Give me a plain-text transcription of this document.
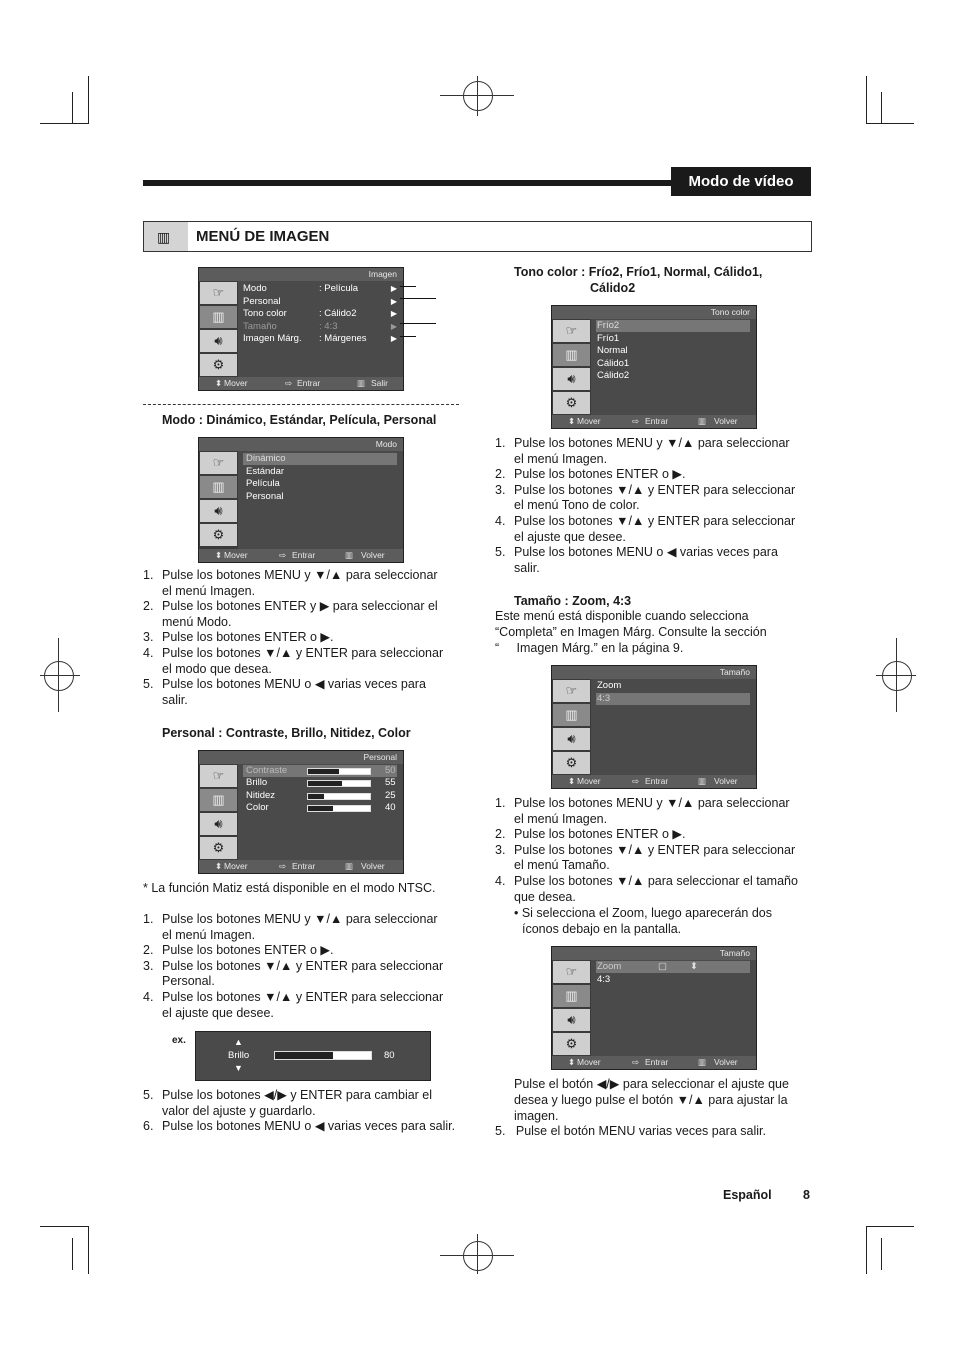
Modo de vídeo
▥ MENÚ DE IMAGEN
Imagen
☞
▥
🔊︎
⚙
Modo	: Película	▶
Personal	▶
Tono color	: Cálido2	▶
Tamaño	: 4:3	▶
Imagen Márg. : Márgenes	▶
⬍ Mover	⇨ Entrar	▥ Salir
Modo : Dinámico, Estándar, Película, Personal
Modo
☞
▥
🔊︎
⚙
Dinámico
Estándar
Película
Personal
⬍ Mover	⇨ Entrar	▥ Volver
1. Pulse los botones MENU y ▼/▲ para seleccionar
el menú Imagen.
2. Pulse los botones ENTER y ▶ para seleccionar el
menú Modo.
3. Pulse los botones ENTER o ▶.
4. Pulse los botones ▼/▲ y ENTER para seleccionar
el modo que desea.
5. Pulse los botones MENU o ◀ varias veces para
salir.
Personal : Contraste, Brillo, Nitidez, Color
Personal
☞
▥
🔊︎
⚙
Contraste	50
Brillo	55
Nitidez	25
Color	40
⬍ Mover	⇨ Entrar	▥ Volver
* La función Matiz está disponible en el modo NTSC.
1. Pulse los botones MENU y ▼/▲ para seleccionar
el menú Imagen.
2. Pulse los botones ENTER o ▶.
3. Pulse los botones ▼/▲ y ENTER para seleccionar
Personal.
4. Pulse los botones ▼/▲ y ENTER para seleccionar
el ajuste que desee.
ex.	▲
Brillo
▼
80
5. Pulse los botones ◀/▶ y ENTER para cambiar el
valor del ajuste y guardarlo.
6. Pulse los botones MENU o ◀ varias veces para salir.
Tono color : Frío2, Frío1, Normal, Cálido1,
Cálido2
Tono color
☞
▥
🔊︎
⚙
Frío2
Frío1
Normal
Cálido1
Cálido2
⬍ Mover	⇨ Entrar	▥ Volver
1. Pulse los botones MENU y ▼/▲ para seleccionar
el menú Imagen.
2. Pulse los botones ENTER o ▶.
3. Pulse los botones ▼/▲ y ENTER para seleccionar
el menú Tono de color.
4. Pulse los botones ▼/▲ y ENTER para seleccionar
el ajuste que desee.
5. Pulse los botones MENU o ◀ varias veces para
salir.
Tamaño : Zoom, 4:3
Este menú está disponible cuando selecciona
“Completa” en Imagen Márg. Consulte la sección
“     Imagen Márg.” en la página 9.
Tamaño
☞
▥
🔊︎
⚙
Zoom
4:3
⬍ Mover	⇨ Entrar	▥ Volver
1. Pulse los botones MENU y ▼/▲ para seleccionar
el menú Imagen.
2. Pulse los botones ENTER o ▶.
3. Pulse los botones ▼/▲ y ENTER para seleccionar
el menú Tamaño.
4. Pulse los botones ▼/▲ para seleccionar el tamaño
que desea.
• Si selecciona el Zoom, luego aparecerán dos
íconos debajo en la pantalla.
Tamaño
☞
▥
🔊︎
⚙
Zoom	▢ ⬍
4:3
⬍ Mover	⇨ Entrar	▥ Volver
Pulse el botón ◀/▶ para seleccionar el ajuste que
desea y luego pulse el botón ▼/▲ para ajustar la
imagen.
5. Pulse el botón MENU varias veces para salir.
Español	8
